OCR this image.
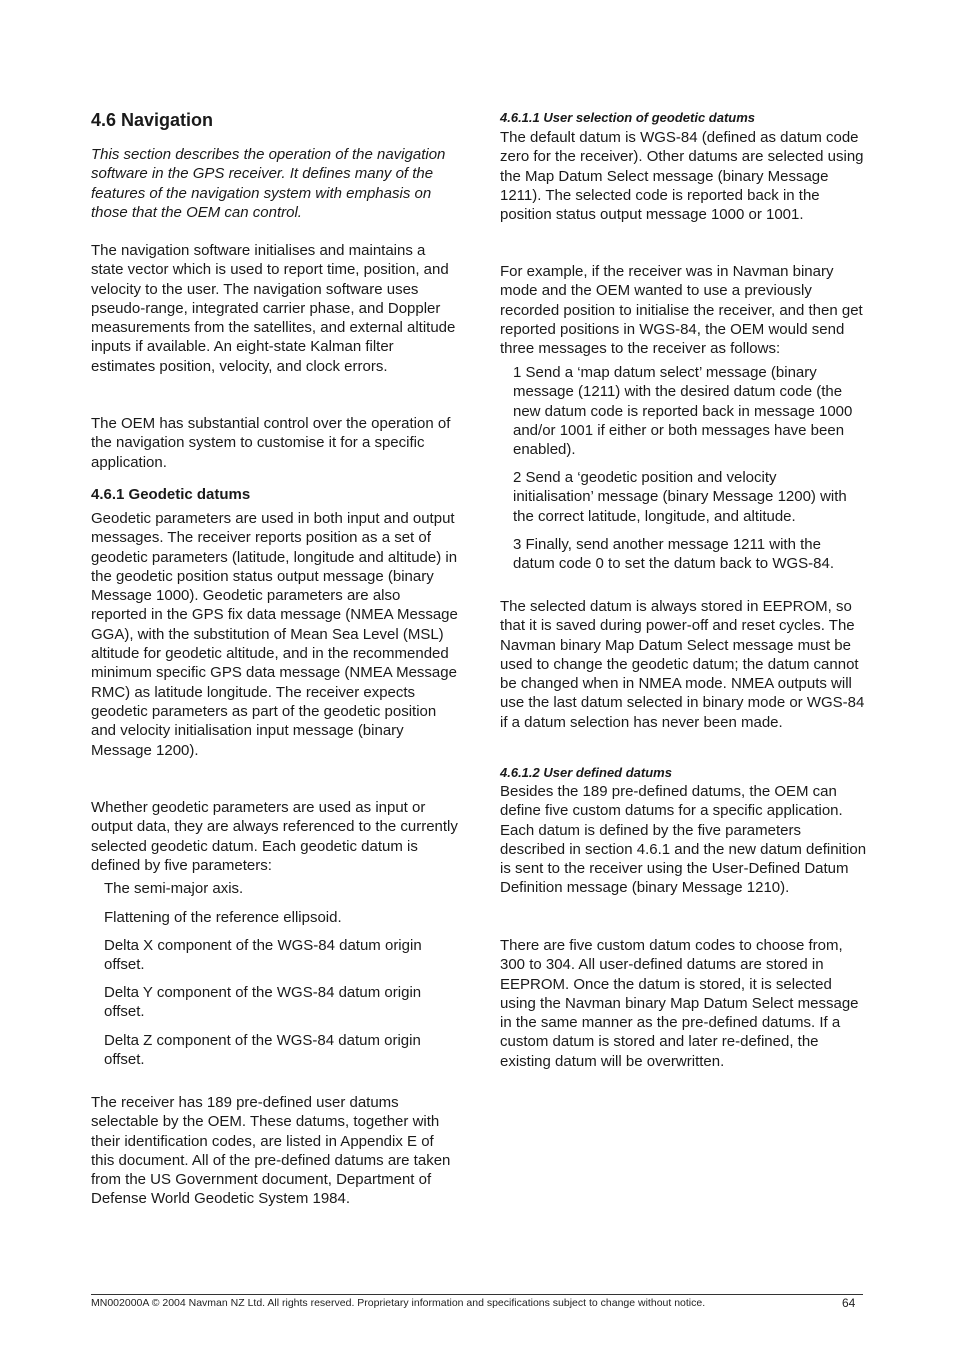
4.6 Navigation

This section describes the operation of the navigation software in the GPS receiver. It defines many of the features of the navigation system with emphasis on those that the OEM can control.

The navigation software initialises and maintains a state vector which is used to report time, position, and velocity to the user. The navigation software uses pseudo-range, integrated carrier phase, and Doppler measurements from the satellites, and external altitude inputs if available. An eight-state Kalman filter estimates position, velocity, and clock errors.

The OEM has substantial control over the operation of the navigation system to customise it for a specific application.

4.6.1 Geodetic datums

Geodetic parameters are used in both input and output messages. The receiver reports position as a set of geodetic parameters (latitude, longitude and altitude) in the geodetic position status output message (binary Message 1000). Geodetic parameters are also reported in the GPS fix data message (NMEA Message GGA), with the substitution of Mean Sea Level (MSL) altitude for geodetic altitude, and in the recommended minimum specific GPS data message (NMEA Message RMC) as latitude longitude. The receiver expects geodetic parameters as part of the geodetic position and velocity initialisation input message (binary Message 1200).

Whether geodetic parameters are used as input or output data, they are always referenced to the currently selected geodetic datum. Each geodetic datum is defined by five parameters:

The semi-major axis.
Flattening of the reference ellipsoid.
Delta X component of the WGS-84 datum origin offset.
Delta Y component of the WGS-84 datum origin offset.
Delta Z component of the WGS-84 datum origin offset.

The receiver has 189 pre-defined user datums selectable by the OEM. These datums, together with their identification codes, are listed in Appendix E of this document. All of the pre-defined datums are taken from the US Government document, Department of Defense World Geodetic System 1984.

4.6.1.1 User selection of geodetic datums

The default datum is WGS-84 (defined as datum code zero for the receiver). Other datums are selected using the Map Datum Select message (binary Message 1211). The selected code is reported back in the position status output message 1000 or 1001.

For example, if the receiver was in Navman binary mode and the OEM wanted to use a previously recorded position to initialise the receiver, and then get reported positions in WGS-84, the OEM would send three messages to the receiver as follows:

1 Send a ‘map datum select’ message (binary message (1211) with the desired datum code (the new datum code is reported back in message 1000 and/or 1001 if either or both messages have been enabled).
2 Send a ‘geodetic position and velocity initialisation’ message (binary Message 1200) with the correct latitude, longitude, and altitude.
3 Finally, send another message 1211 with the datum code 0 to set the datum back to WGS-84.

The selected datum is always stored in EEPROM, so that it is saved during power-off and reset cycles. The Navman binary Map Datum Select message must be used to change the geodetic datum; the datum cannot be changed when in NMEA mode. NMEA outputs will use the last datum selected in binary mode or WGS-84 if a datum selection has never been made.

4.6.1.2 User defined datums

Besides the 189 pre-defined datums, the OEM can define five custom datums for a specific application. Each datum is defined by the five parameters described in section 4.6.1 and the new datum definition is sent to the receiver using the User-Defined Datum Definition message (binary Message 1210).

There are five custom datum codes to choose from, 300 to 304. All user-defined datums are stored in EEPROM. Once the datum is stored, it is selected using the Navman binary Map Datum Select message in the same manner as the pre-defined datums. If a custom datum is stored and later re-defined, the existing datum will be overwritten.

MN002000A © 2004 Navman NZ Ltd. All rights reserved. Proprietary information and specifications subject to change without notice.	64
